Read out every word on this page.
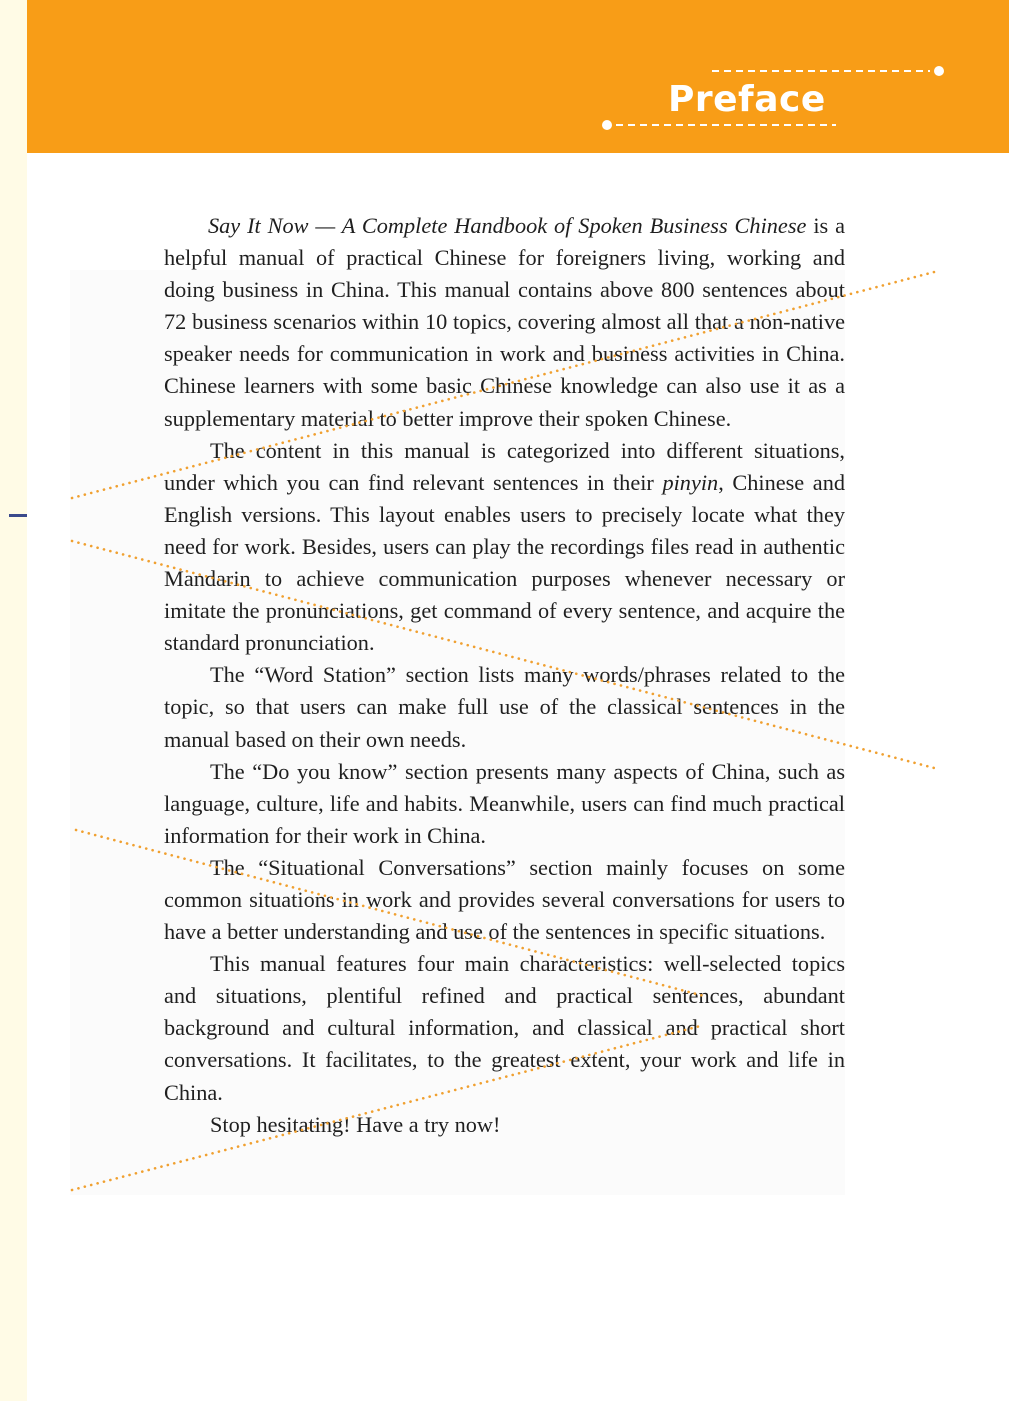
Preface

Say It Now — A Complete Handbook of Spoken Business Chinese is a helpful manual of practical Chinese for foreigners living, working and doing business in China. This manual contains above 800 sentences about 72 business scenarios within 10 topics, covering almost all that a non-native speaker needs for communication in work and business activities in China. Chinese learners with some basic Chinese knowledge can also use it as a supplementary material to better improve their spoken Chinese.

The content in this manual is categorized into different situations, under which you can find relevant sentences in their pinyin, Chinese and English versions. This layout enables users to precisely locate what they need for work. Besides, users can play the recordings files read in authentic Mandarin to achieve communication purposes whenever necessary or imitate the pronunciations, get command of every sentence, and acquire the standard pronunciation.

The “Word Station” section lists many words/phrases related to the topic, so that users can make full use of the classical sentences in the manual based on their own needs.

The “Do you know” section presents many aspects of China, such as language, culture, life and habits. Meanwhile, users can find much practical information for their work in China.

The “Situational Conversations” section mainly focuses on some common situations in work and provides several conversations for users to have a better understanding and use of the sentences in specific situations.

This manual features four main characteristics: well-selected topics and situations, plentiful refined and practical sentences, abundant background and cultural information, and classical and practical short conversations. It facilitates, to the greatest extent, your work and life in China.

Stop hesitating! Have a try now!
